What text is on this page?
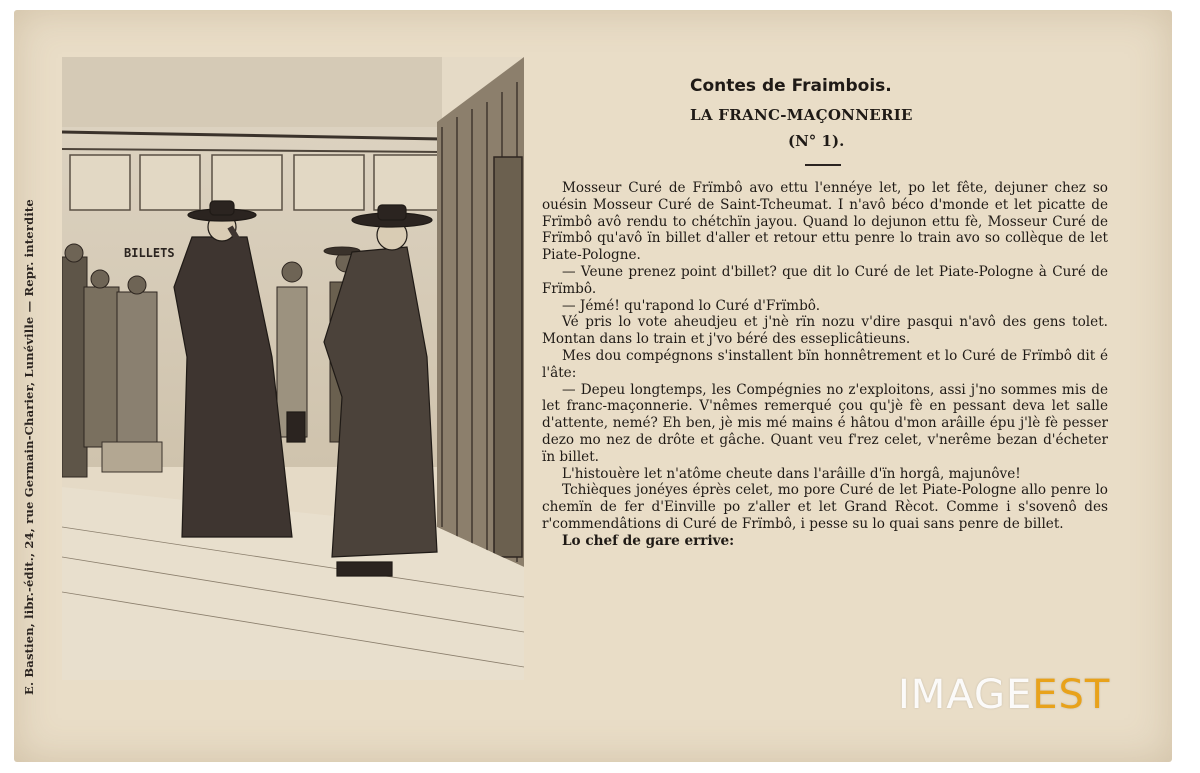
E. Bastien, libr.-édit., 24, rue Germain-Charier, Lunéville — Repr. interdite	BILLETS
Contes de Fraimbois.
LA FRANC-MAÇONNERIE
(N° 1).

Mosseur Curé de Frïmbô avo ettu l'ennéye let, po let fête, dejuner chez so ouésin Mosseur Curé de Saint-Tcheumat. I n'avô béco d'monde et let picatte de Frïmbô avô rendu to chétchïn jayou. Quand lo dejunon ettu fè, Mosseur Curé de Frïmbô qu'avô ïn billet d'aller et retour ettu penre lo train avo so collèque de let Piate-Pologne.

— Veune prenez point d'billet? que dit lo Curé de let Piate-Pologne à Curé de Frïmbô.

— Jémé! qu'rapond lo Curé d'Frïmbô.

Vé pris lo vote aheudjeu et j'nè rïn nozu v'dire pasqui n'avô des gens tolet. Montan dans lo train et j'vo béré des esseplicâtieuns.

Mes dou compégnons s'installent bïn honnêtrement et lo Curé de Frïmbô dit é l'âte:

— Depeu longtemps, les Compégnies no z'exploitons, assi j'no sommes mis de let franc-maçonnerie. V'nêmes remerqué çou qu'jè fè en pessant deva let salle d'attente, nemé? Eh ben, jè mis mé mains é hâtou d'mon arâille épu j'lè fè pesser dezo mo nez de drôte et gâche. Quant veu f'rez celet, v'nerême bezan d'écheter ïn billet.

L'histouère let n'atôme cheute dans l'arâille d'ïn horgâ, majunôve!

Tchièques jonéyes éprès celet, mo pore Curé de let Piate-Pologne allo penre lo chemïn de fer d'Einville po z'aller et let Grand Rècot. Comme i s'sovenô des r'commendâtions di Curé de Frïmbô, i pesse su lo quai sans penre de billet.

Lo chef de gare errive:

IMAGEEST
